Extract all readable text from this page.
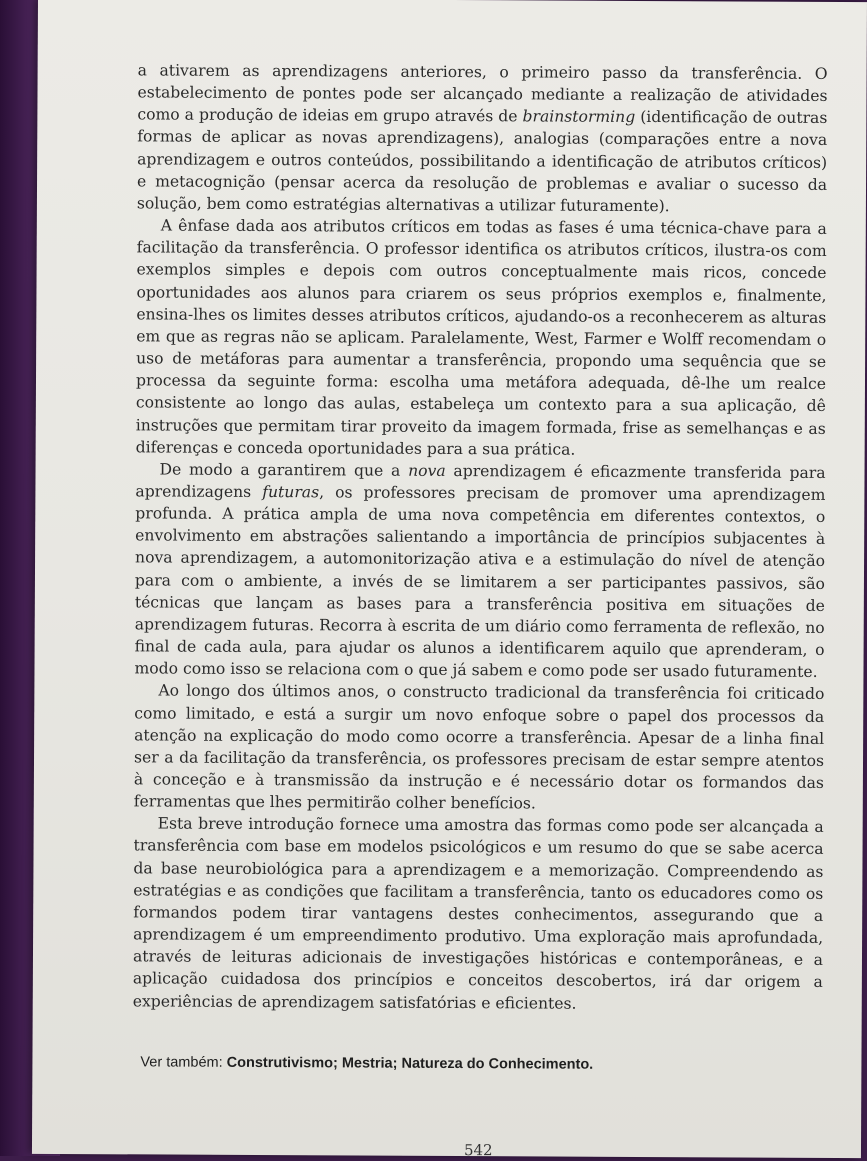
a ativarem as aprendizagens anteriores, o primeiro passo da transferência. O estabelecimento de pontes pode ser alcançado mediante a realização de atividades como a produção de ideias em grupo através de brainstorming (identificação de outras formas de aplicar as novas aprendizagens), analogias (comparações entre a nova aprendizagem e outros conteúdos, possibilitando a identificação de atributos críticos) e metacognição (pensar acerca da resolução de problemas e avaliar o sucesso da solução, bem como estratégias alternativas a utilizar futuramente).

A ênfase dada aos atributos críticos em todas as fases é uma técnica-chave para a facilitação da transferência. O professor identifica os atributos críticos, ilustra-os com exemplos simples e depois com outros conceptualmente mais ricos, concede oportunidades aos alunos para criarem os seus próprios exemplos e, finalmente, ensina-lhes os limites desses atributos críticos, ajudando-os a reconhecerem as alturas em que as regras não se aplicam. Paralelamente, West, Farmer e Wolff recomendam o uso de metáforas para aumentar a transferência, propondo uma sequência que se processa da seguinte forma: escolha uma metáfora adequada, dê-lhe um realce consistente ao longo das aulas, estabeleça um contexto para a sua aplicação, dê instruções que permitam tirar proveito da imagem formada, frise as semelhanças e as diferenças e conceda oportunidades para a sua prática.

De modo a garantirem que a nova aprendizagem é eficazmente transferida para aprendizagens futuras, os professores precisam de promover uma aprendizagem profunda. A prática ampla de uma nova competência em diferentes contextos, o envolvimento em abstrações salientando a importância de princípios subjacentes à nova aprendizagem, a automonitorização ativa e a estimulação do nível de atenção para com o ambiente, a invés de se limitarem a ser participantes passivos, são técnicas que lançam as bases para a transferência positiva em situações de aprendizagem futuras. Recorra à escrita de um diário como ferramenta de reflexão, no final de cada aula, para ajudar os alunos a identificarem aquilo que aprenderam, o modo como isso se relaciona com o que já sabem e como pode ser usado futuramente.

Ao longo dos últimos anos, o constructo tradicional da transferência foi criticado como limitado, e está a surgir um novo enfoque sobre o papel dos processos da atenção na explicação do modo como ocorre a transferência. Apesar de a linha final ser a da facilitação da transferência, os professores precisam de estar sempre atentos à conceção e à transmissão da instrução e é necessário dotar os formandos das ferramentas que lhes permitirão colher benefícios.

Esta breve introdução fornece uma amostra das formas como pode ser alcançada a transferência com base em modelos psicológicos e um resumo do que se sabe acerca da base neurobiológica para a aprendizagem e a memorização. Compreendendo as estratégias e as condições que facilitam a transferência, tanto os educadores como os formandos podem tirar vantagens destes conhecimentos, assegurando que a aprendizagem é um empreendimento produtivo. Uma exploração mais aprofundada, através de leituras adicionais de investigações históricas e contemporâneas, e a aplicação cuidadosa dos princípios e conceitos descobertos, irá dar origem a experiências de aprendizagem satisfatórias e eficientes.

Ver também: Construtivismo; Mestria; Natureza do Conhecimento.
542
